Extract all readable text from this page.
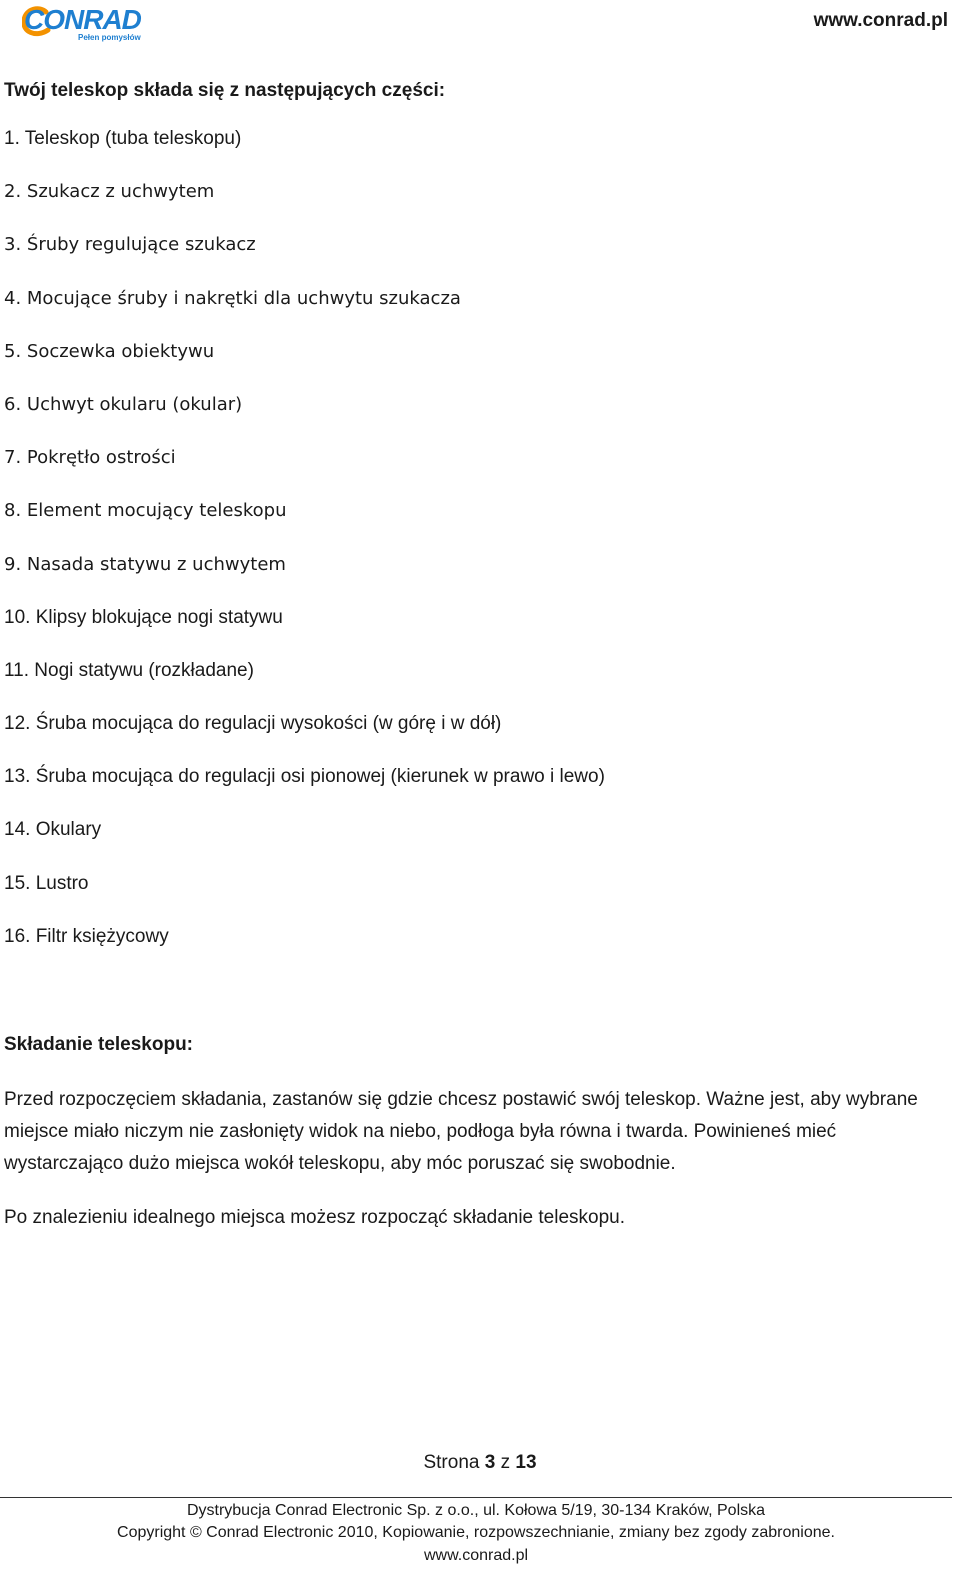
CONRAD
Pełen pomysłów
www.conrad.pl
Twój teleskop składa się z następujących części:
1. Teleskop (tuba teleskopu)
2. Szukacz z uchwytem
3. Śruby regulujące szukacz
4. Mocujące śruby i nakrętki dla uchwytu szukacza
5. Soczewka obiektywu
6. Uchwyt okularu (okular)
7. Pokrętło ostrości
8. Element mocujący teleskopu
9. Nasada statywu z uchwytem
10. Klipsy blokujące nogi statywu
11. Nogi statywu (rozkładane)
12. Śruba mocująca do regulacji wysokości (w górę i w dół)
13. Śruba mocująca do regulacji osi pionowej (kierunek w prawo i lewo)
14. Okulary
15. Lustro
16. Filtr księżycowy
Składanie teleskopu:

Przed rozpoczęciem składania, zastanów się gdzie chcesz postawić swój teleskop. Ważne jest, aby wybrane miejsce miało niczym nie zasłonięty widok na niebo, podłoga była równa i twarda. Powinieneś mieć wystarczająco dużo miejsca wokół teleskopu, aby móc poruszać się swobodnie.

Po znalezieniu idealnego miejsca możesz rozpocząć składanie teleskopu.

Strona 3 z 13
Dystrybucja Conrad Electronic Sp. z o.o., ul. Kołowa 5/19, 30-134 Kraków, Polska
Copyright © Conrad Electronic 2010, Kopiowanie, rozpowszechnianie, zmiany bez zgody zabronione.
www.conrad.pl
